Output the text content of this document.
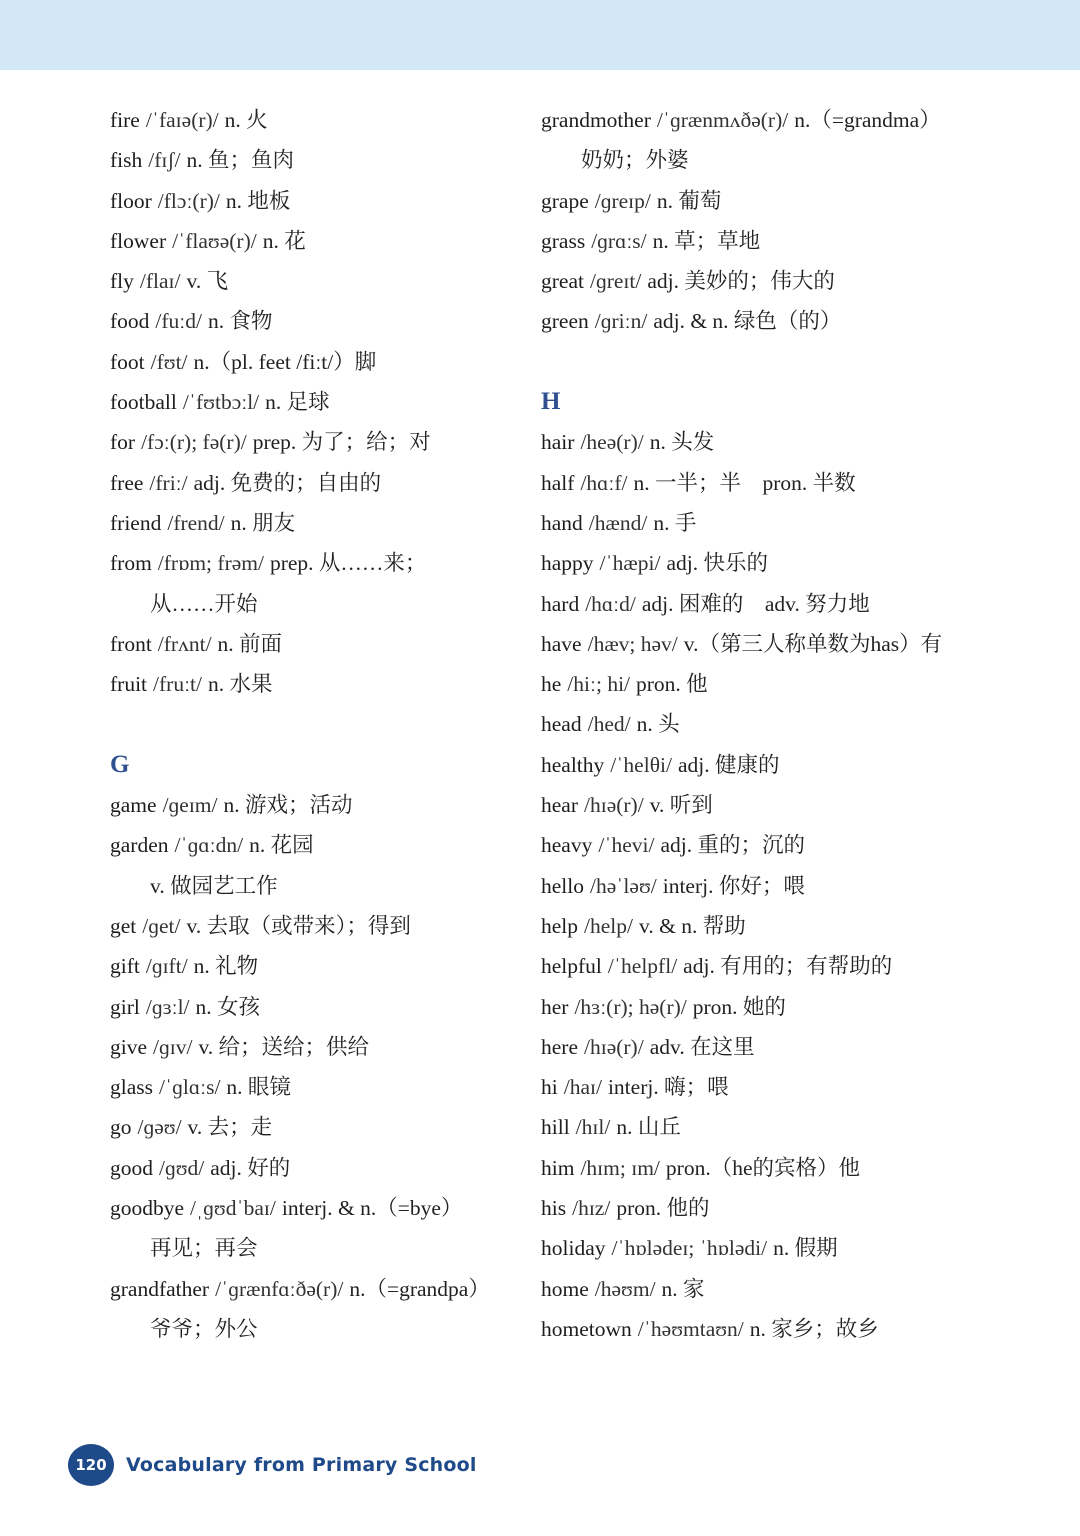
fire /ˈfaɪə(r)/ n. 火
fish /fɪʃ/ n. 鱼；鱼肉
floor /flɔː(r)/ n. 地板
flower /ˈflaʊə(r)/ n. 花
fly /flaɪ/ v. 飞
food /fuːd/ n. 食物
foot /fʊt/ n.（pl. feet /fiːt/）脚
football /ˈfʊtbɔːl/ n. 足球
for /fɔː(r); fə(r)/ prep. 为了；给；对
free /friː/ adj. 免费的；自由的
friend /frend/ n. 朋友
from /frɒm; frəm/ prep. 从……来；
从……开始
front /frʌnt/ n. 前面
fruit /fruːt/ n. 水果
G
game /ɡeɪm/ n. 游戏；活动
garden /ˈɡɑːdn/ n. 花园
v. 做园艺工作
get /ɡet/ v. 去取（或带来）；得到
gift /ɡɪft/ n. 礼物
girl /ɡɜːl/ n. 女孩
give /ɡɪv/ v. 给；送给；供给
glass /ˈɡlɑːs/ n. 眼镜
go /ɡəʊ/ v. 去；走
good /ɡʊd/ adj. 好的
goodbye /ˌɡʊdˈbaɪ/ interj. & n.（=bye）
再见；再会
grandfather /ˈɡrænfɑːðə(r)/ n.（=grandpa）
爷爷；外公
grandmother /ˈɡrænmʌðə(r)/ n.（=grandma）
奶奶；外婆
grape /ɡreɪp/ n. 葡萄
grass /ɡrɑːs/ n. 草；草地
great /ɡreɪt/ adj. 美妙的；伟大的
green /ɡriːn/ adj. & n. 绿色（的）
H
hair /heə(r)/ n. 头发
half /hɑːf/ n. 一半；半　pron. 半数
hand /hænd/ n. 手
happy /ˈhæpi/ adj. 快乐的
hard /hɑːd/ adj. 困难的　adv. 努力地
have /hæv; həv/ v.（第三人称单数为has）有
he /hiː; hi/ pron. 他
head /hed/ n. 头
healthy /ˈhelθi/ adj. 健康的
hear /hɪə(r)/ v. 听到
heavy /ˈhevi/ adj. 重的；沉的
hello /həˈləʊ/ interj. 你好；喂
help /help/ v. & n. 帮助
helpful /ˈhelpfl/ adj. 有用的；有帮助的
her /hɜː(r); hə(r)/ pron. 她的
here /hɪə(r)/ adv. 在这里
hi /haɪ/ interj. 嗨；喂
hill /hɪl/ n. 山丘
him /hɪm; ɪm/ pron.（he的宾格）他
his /hɪz/ pron. 他的
holiday /ˈhɒlədeɪ; ˈhɒlədi/ n. 假期
home /həʊm/ n. 家
hometown /ˈhəʊmtaʊn/ n. 家乡；故乡
120	Vocabulary from Primary School
